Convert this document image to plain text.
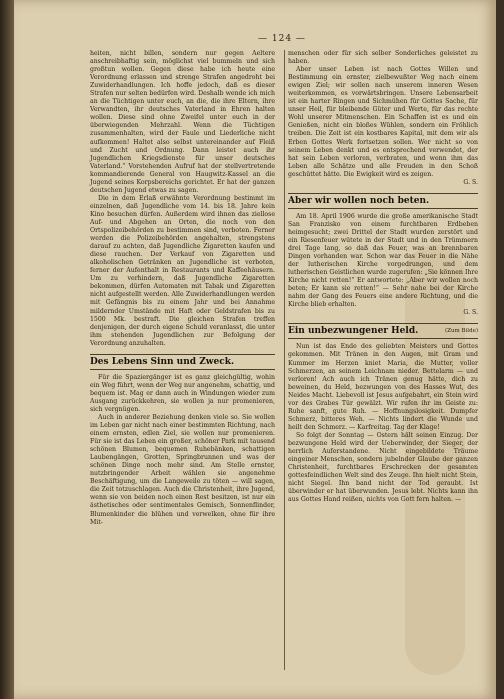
— 124 —

heiten, nicht billen, sondern nur gegen Aeltere anschreibhaftig sein, möglichst viel bummeln und sich großtun wollen. Gegen diese habe ich heute eine Verordnung erlassen und strenge Strafen angedroht bei Zuwiderhandlungen. Ich hoffe jedoch, daß es dieser Strafen nur selten bedürfen wird. Deshalb wende ich mich an die Tüchtigen unter euch, an die, die ihre Eltern, ihre Verwandten, ihr deutsches Vaterland in Ehren halten wollen. Diese sind ohne Zweifel unter euch in der überwiegenden Mehrzahl. Wenn die Tüchtigen zusammenhalten, wird der Faule und Liederliche nicht aufkommen! Haltet also selbst untereinander auf Fleiß und Zucht und Ordnung. Dann leistet auch ihr Jugendlichen Kriegsdienste für unser deutsches Vaterland.“ Vorstehenden Aufruf hat der stellvertretende kommandierende General von Haugwitz-Kassel an die Jugend seines Korpsbereichs gerichtet. Er hat der ganzen deutschen Jugend etwas zu sagen.

Die in dem Erlaß erwähnte Verordnung bestimmt im einzelnen, daß Jugendliche vom 14. bis 18. Jahre kein Kino besuchen dürfen. Außerdem wird ihnen das ziellose Auf- und Abgehen an Orten, die noch von den Ortspolizeibehörden zu bestimmen sind, verboten. Ferner werden die Polizeibehörden angehalten, strengstens darauf zu achten, daß Jugendliche Zigaretten kaufen und diese rauchen. Der Verkauf von Zigaretten und alkoholischen Getränken an Jugendliche ist verboten, ferner der Aufenthalt in Restaurants und Kaffeehäusern. Um zu verhindern, daß Jugendliche Zigaretten bekommen, dürfen Automaten mit Tabak und Zigaretten nicht aufgestellt werden. Alle Zuwiderhandlungen werden mit Gefängnis bis zu einem Jahr und bei Annahme mildernder Umstände mit Haft oder Geldstrafen bis zu 1500 Mk. bestraft. Die gleichen Strafen treffen denjenigen, der durch eigene Schuld veranlasst, die unter ihm stehenden Jugendlichen zur Befolgung der Verordnung anzuhalten.

Des Lebens Sinn und Zweck.

Für die Spaziergänger ist es ganz gleichgültig, wohin ein Weg führt, wenn der Weg nur angenehm, schattig, und bequem ist. Mag er dann auch in Windungen wieder zum Ausgang zurückkehren, sie wollen ja nur promenieren, sich vergnügen.

Auch in anderer Beziehung denken viele so. Sie wollen im Leben gar nicht nach einer bestimmten Richtung, nach einem ernsten, edlen Ziel, sie wollen nur promenieren. Für sie ist das Leben ein großer, schöner Park mit tausend schönen Blumen, bequemen Ruhebänken, schattigen Laubengängen, Grotten, Springbrunnen und was der schönen Dinge noch mehr sind. Am Stelle ernster, nutzbringender Arbeit wählen sie angenehme Beschäftigung, um die Langeweile zu töten — will sagen, die Zeit totzuschlagen. Auch die Christenheit, ihre Jugend, wenn sie von beiden noch einen Rest besitzen, ist nur ein ästhetisches oder sentimentales Gemisch, Sonnenflinder, Blumenkinder die blühen und verwelken, ohne für ihre Mit-

menschen oder für sich selber Sonderliches geleistet zu haben.

Aber unser Leben ist nach Gottes Willen und Bestimmung ein ernster, zielbewußter Weg nach einem ewigen Ziel; wir sollen nach unserem inneren Wesen weiterkommen, es vorwärtsbringen. Unsere Lebensarbeit ist ein harter Ringen und Sichmühen für Gottes Sache, für unser Heil, für bleibende Güter und Werte, für das rechte Wohl unserer Mitmenschen. Ein Schaffen ist es und ein Genießen, nicht ein bloßes Wühlen, sondern ein Fröhlich treiben. Die Zeit ist ein kostbares Kapital, mit dem wir als Erben Gottes Werk fortsetzen sollen. Wer nicht so von seinem Leben denkt und es entsprechend verwendet, der hat sein Leben verloren, verbraten, und wenn ihm das Leben alle Schätze und alle Freuden in den Schoß geschüttet hätte. Die Ewigkeit wird es zeigen.

G. S.

Aber wir wollen noch beten.

Am 18. April 1906 wurde die große amerikanische Stadt San Franzisko von einem furchtbaren Erdbeben heimgesucht; zwei Drittel der Stadt wurden zerstört und ein Riesenfeuer wütete in der Stadt und in den Trümmern drei Tage lang, so daß das Feuer, was an brennbaren Dingen vorhanden war. Schon war das Feuer in die Nähe der lutherischen Kirche vorgedrungen, und dem lutherischen Geistlichen wurde zugerufen: „Sie können Ihre Kirche nicht retten!“ Er antwortete: „Aber wir wollen noch beten; Er kann sie retten!“ — Sehr nahe bei der Kirche nahm der Gang des Feuers eine andere Richtung, und die Kirche blieb erhalten.

G. S.

Ein unbezwungener Held.	(Zum Bilde)

Nun ist das Ende des geliebten Meisters und Gottes gekommen. Mit Tränen in den Augen, mit Gram und Kummer im Herzen kniet Maria, die Mutter, voller Schmerzen, an seinem Leichnam nieder. Bettelarm — und verloren! Ach auch ich Tränen genug hätte, dich zu beweinen, du Held, bezwungen von des Hasses Wut, des Neides Macht. Liebevoll ist Jesus aufgebahrt, ein Stein wird vor des Grabes Tür gewälzt. Wir rufen ihr im Geiste zu: Ruhe sanft, gute Ruh. — Hoffnungslosigkeit. Dumpfer Schmerz, bitteres Weh. — Nichts lindert die Wunde und heilt den Schmerz. — Karfreitag. Tag der Klage!

So folgt der Sonntag — Ostern hält seinen Einzug. Der bezwungene Held wird der Ueberwinder, der Sieger, der herrlich Auferstandene. Nicht eingebildete Träume eingeiner Menschen, sondern jubelnder Glaube der ganzen Christenheit, furchtbares Erschrecken der gesamten gottesfeindlichen Welt sind des Zeuge. Ihn hielt nicht Stein, nicht Siegel. Ihn band nicht der Tod geraubt. Ist überwinder er hat überwunden. Jesus lebt. Nichts kann ihn aus Gottes Hand reißen, nichts von Gott fern halten. —
